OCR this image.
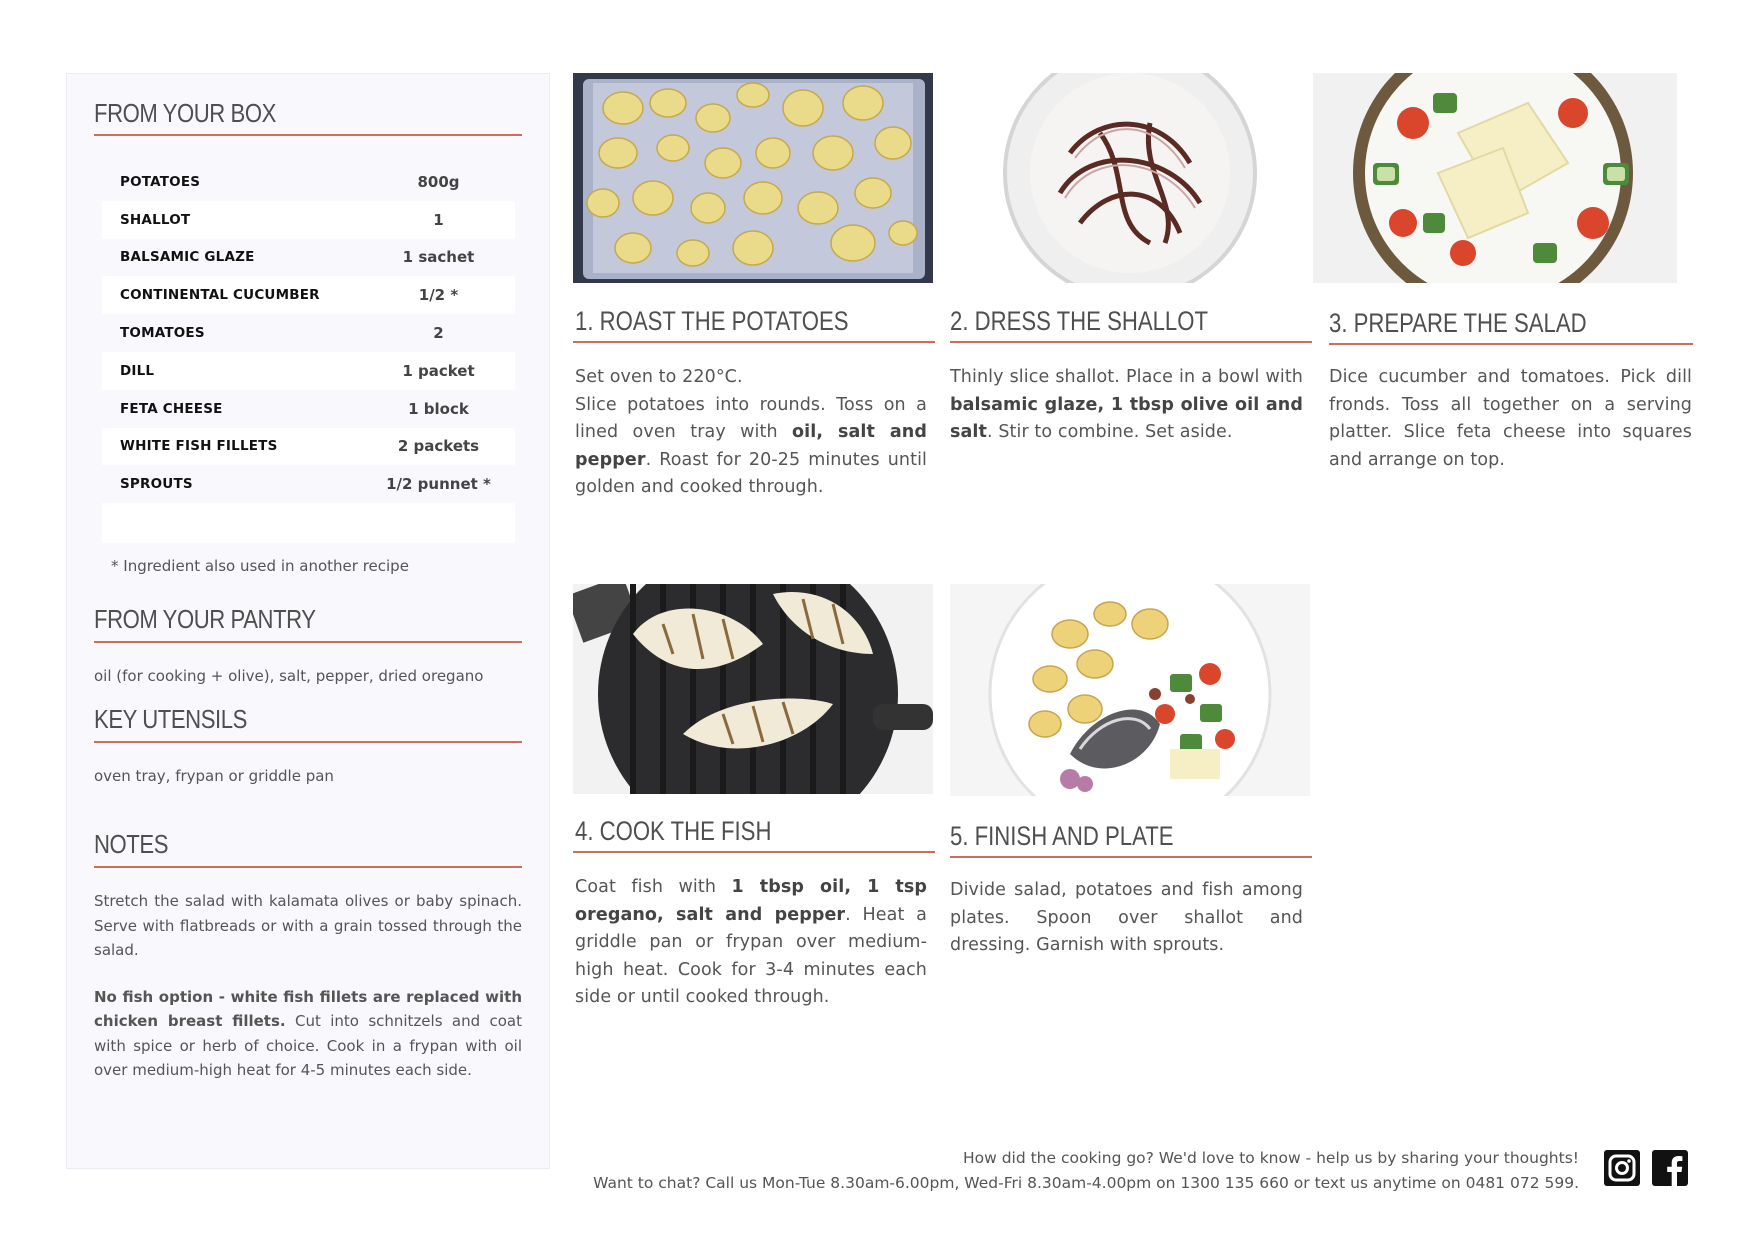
FROM YOUR BOX
POTATOES	800g
SHALLOT	1
BALSAMIC GLAZE	1 sachet
CONTINENTAL CUCUMBER	1/2 *
TOMATOES	2
DILL	1 packet
FETA CHEESE	1 block
WHITE FISH FILLETS	2 packets
SPROUTS	1/2 punnet *
* Ingredient also used in another recipe
FROM YOUR PANTRY
oil (for cooking + olive), salt, pepper, dried oregano
KEY UTENSILS
oven tray, frypan or griddle pan
NOTES

Stretch the salad with kalamata olives or baby spinach. Serve with flatbreads or with a grain tossed through the salad.

No fish option - white fish fillets are replaced with chicken breast fillets. Cut into schnitzels and coat with spice or herb of choice. Cook in a frypan with oil over medium-high heat for 4-5 minutes each side.

1. ROAST THE POTATOES
Set oven to 220°C.
Slice potatoes into rounds. Toss on a lined oven tray with oil, salt and pepper. Roast for 20-25 minutes until golden and cooked through.
2. DRESS THE SHALLOT
Thinly slice shallot. Place in a bowl with balsamic glaze, 1 tbsp olive oil and salt. Stir to combine. Set aside.
3. PREPARE THE SALAD
Dice cucumber and tomatoes. Pick dill fronds. Toss all together on a serving platter. Slice feta cheese into squares and arrange on top.
4. COOK THE FISH
Coat fish with 1 tbsp oil, 1 tsp oregano, salt and pepper. Heat a griddle pan or frypan over medium-high heat. Cook for 3-4 minutes each side or until cooked through.
5. FINISH AND PLATE
Divide salad, potatoes and fish among plates. Spoon over shallot and dressing. Garnish with sprouts.
How did the cooking go? We'd love to know - help us by sharing your thoughts!
Want to chat? Call us Mon-Tue 8.30am-6.00pm, Wed-Fri 8.30am-4.00pm on 1300 135 660 or text us anytime on 0481 072 599.
